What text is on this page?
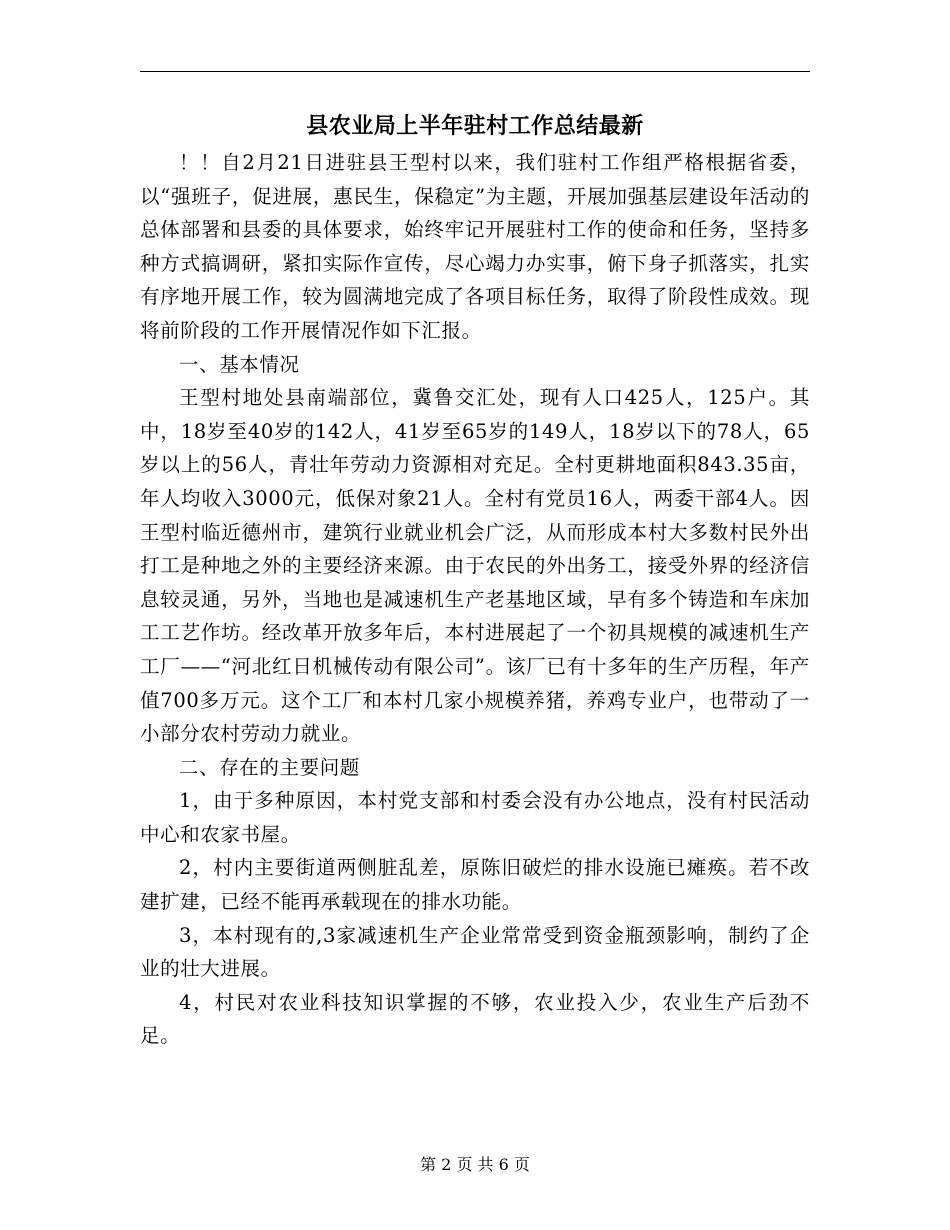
县农业局上半年驻村工作总结最新

！！自2月21日进驻县王型村以来，我们驻村工作组严格根据省委，以“强班子，促进展，惠民生，保稳定”为主题，开展加强基层建设年活动的总体部署和县委的具体要求，始终牢记开展驻村工作的使命和任务，坚持多种方式搞调研，紧扣实际作宣传，尽心竭力办实事，俯下身子抓落实，扎实有序地开展工作，较为圆满地完成了各项目标任务，取得了阶段性成效。现将前阶段的工作开展情况作如下汇报。

一、基本情况

王型村地处县南端部位，冀鲁交汇处，现有人口425人，125户。其中，18岁至40岁的142人，41岁至65岁的149人，18岁以下的78人，65岁以上的56人，青壮年劳动力资源相对充足。全村更耕地面积843.35亩，年人均收入3000元，低保对象21人。全村有党员16人，两委干部4人。因王型村临近德州市，建筑行业就业机会广泛，从而形成本村大多数村民外出打工是种地之外的主要经济来源。由于农民的外出务工，接受外界的经济信息较灵通，另外，当地也是减速机生产老基地区域，早有多个铸造和车床加工工艺作坊。经改革开放多年后，本村进展起了一个初具规模的减速机生产工厂——“河北红日机械传动有限公司”。该厂已有十多年的生产历程，年产值700多万元。这个工厂和本村几家小规模养猪，养鸡专业户，也带动了一小部分农村劳动力就业。

二、存在的主要问题

1，由于多种原因，本村党支部和村委会没有办公地点，没有村民活动中心和农家书屋。

2，村内主要街道两侧脏乱差，原陈旧破烂的排水设施已瘫痪。若不改建扩建，已经不能再承载现在的排水功能。

3，本村现有的,3家减速机生产企业常常受到资金瓶颈影响，制约了企业的壮大进展。

4，村民对农业科技知识掌握的不够，农业投入少，农业生产后劲不足。

第 2 页 共 6 页
